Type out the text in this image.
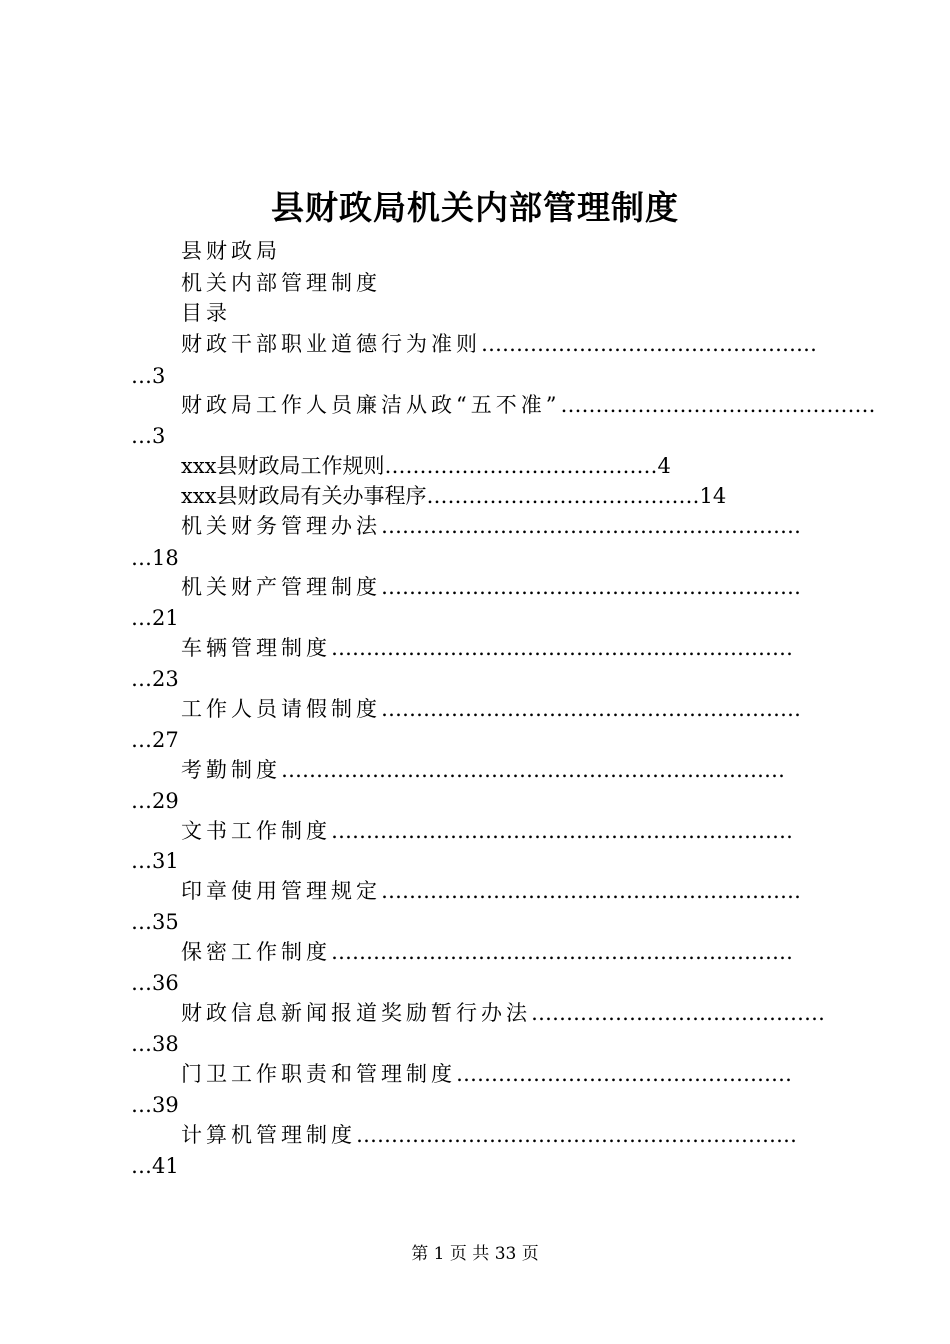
县财政局机关内部管理制度
县财政局
机关内部管理制度
目录
财政干部职业道德行为准则…………………………………………
…3
财政局工作人员廉洁从政“五不准”………………………………………
…3
xxx县财政局工作规则…………………………………4
xxx县财政局有关办事程序…………………………………14
机关财务管理办法……………………………………………………
…18
机关财产管理制度……………………………………………………
…21
车辆管理制度…………………………………………………………
…23
工作人员请假制度……………………………………………………
…27
考勤制度………………………………………………………………
…29
文书工作制度…………………………………………………………
…31
印章使用管理规定……………………………………………………
…35
保密工作制度…………………………………………………………
…36
财政信息新闻报道奖励暂行办法……………………………………
…38
门卫工作职责和管理制度…………………………………………
…39
计算机管理制度………………………………………………………
…41
第 1 页 共 33 页
